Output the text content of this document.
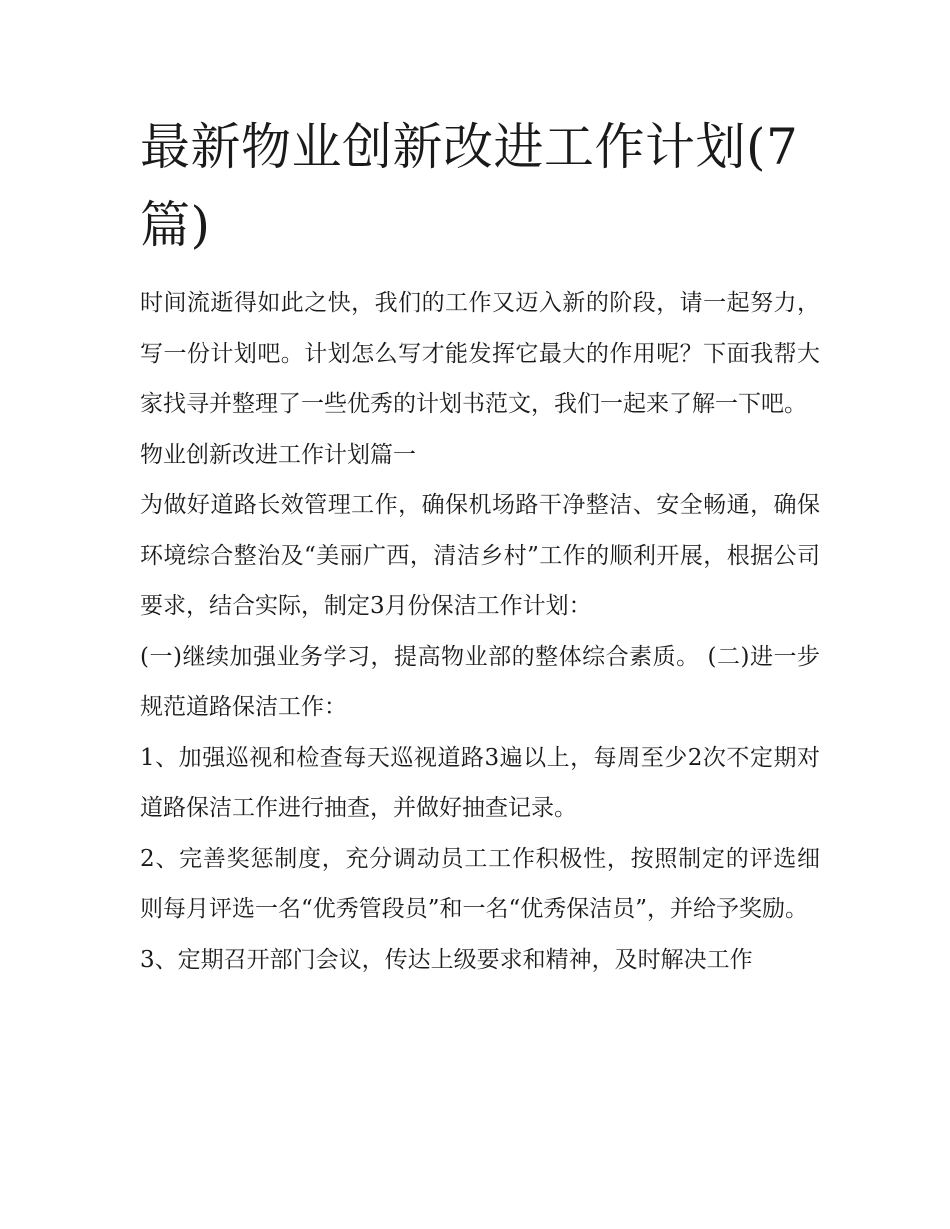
最新物业创新改进工作计划(7篇)

时间流逝得如此之快，我们的工作又迈入新的阶段，请一起努力，写一份计划吧。计划怎么写才能发挥它最大的作用呢？下面我帮大家找寻并整理了一些优秀的计划书范文，我们一起来了解一下吧。

物业创新改进工作计划篇一

为做好道路长效管理工作，确保机场路干净整洁、安全畅通，确保环境综合整治及“美丽广西，清洁乡村”工作的顺利开展，根据公司要求，结合实际，制定3月份保洁工作计划：

(一)继续加强业务学习，提高物业部的整体综合素质。 (二)进一步规范道路保洁工作：

1、加强巡视和检查每天巡视道路3遍以上，每周至少2次不定期对道路保洁工作进行抽查，并做好抽查记录。

2、完善奖惩制度，充分调动员工工作积极性，按照制定的评选细则每月评选一名“优秀管段员”和一名“优秀保洁员”，并给予奖励。

3、定期召开部门会议，传达上级要求和精神，及时解决工作
